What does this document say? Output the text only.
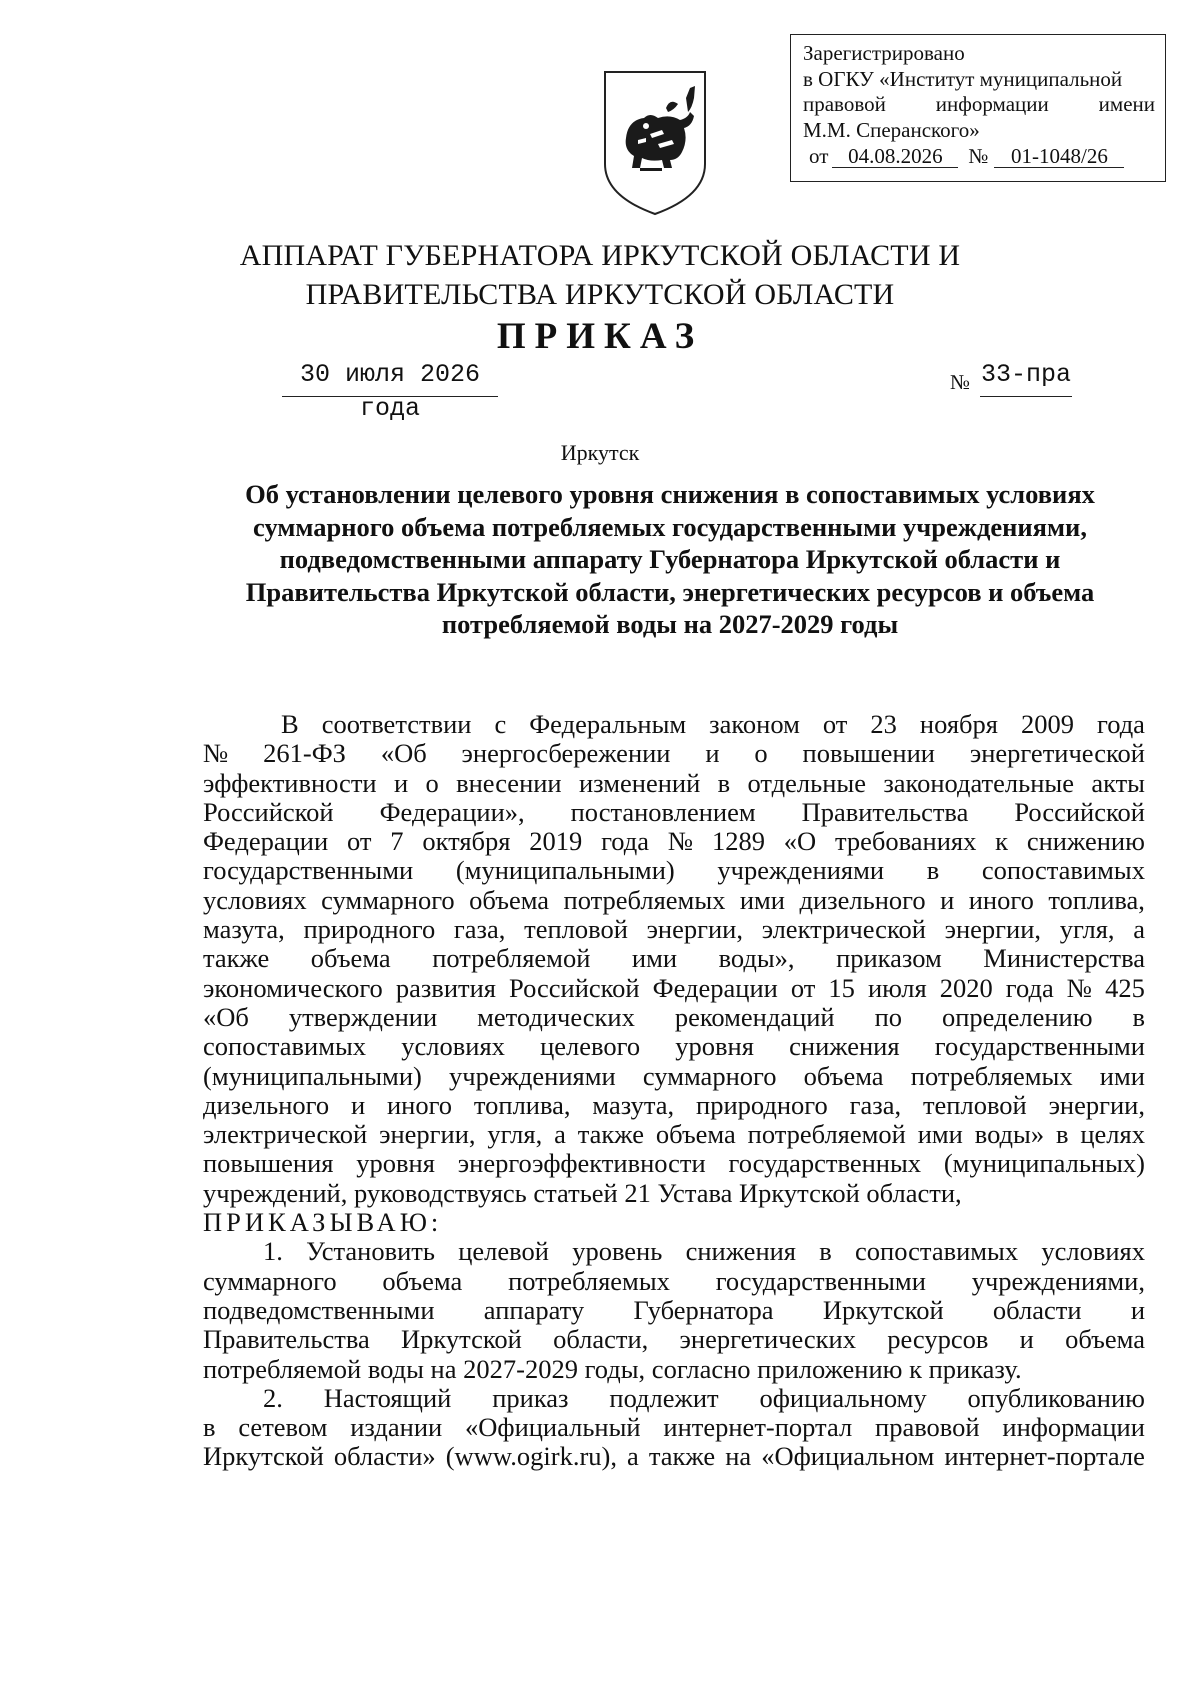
Зарегистрировано
в ОГКУ «Институт муниципальной
правовой информации имени
М.М. Сперанского»
от 04.08.2026	№	01-1048/26
АППАРАТ ГУБЕРНАТОРА ИРКУТСКОЙ ОБЛАСТИ И
ПРАВИТЕЛЬСТВА ИРКУТСКОЙ ОБЛАСТИ
ПРИКАЗ
30 июля 2026 года
№ 33-пра
Иркутск
Об установлении целевого уровня снижения в сопоставимых условиях
суммарного объема потребляемых государственными учреждениями,
подведомственными аппарату Губернатора Иркутской области и
Правительства Иркутской области, энергетических ресурсов и объема
потребляемой воды на 2027-2029 годы
В соответствии с Федеральным законом от 23 ноября 2009 года
№ 261-ФЗ «Об энергосбережении и о повышении энергетической
эффективности и о внесении изменений в отдельные законодательные акты
Российской Федерации», постановлением Правительства Российской
Федерации от 7 октября 2019 года № 1289 «О требованиях к снижению
государственными (муниципальными) учреждениями в сопоставимых
условиях суммарного объема потребляемых ими дизельного и иного топлива,
мазута, природного газа, тепловой энергии, электрической энергии, угля, а
также объема потребляемой ими воды», приказом Министерства
экономического развития Российской Федерации от 15 июля 2020 года № 425
«Об утверждении методических рекомендаций по определению в
сопоставимых условиях целевого уровня снижения государственными
(муниципальными) учреждениями суммарного объема потребляемых ими
дизельного и иного топлива, мазута, природного газа, тепловой энергии,
электрической энергии, угля, а также объема потребляемой ими воды» в целях
повышения уровня энергоэффективности государственных (муниципальных)
учреждений, руководствуясь статьей 21 Устава Иркутской области,
ПРИКАЗЫВАЮ:
1. Установить целевой уровень снижения в сопоставимых условиях
суммарного объема потребляемых государственными учреждениями,
подведомственными аппарату Губернатора Иркутской области и
Правительства Иркутской области, энергетических ресурсов и объема
потребляемой воды на 2027-2029 годы, согласно приложению к приказу.
2. Настоящий приказ подлежит официальному опубликованию
в сетевом издании «Официальный интернет-портал правовой информации
Иркутской области» (www.ogirk.ru), а также на «Официальном интернет-портале
